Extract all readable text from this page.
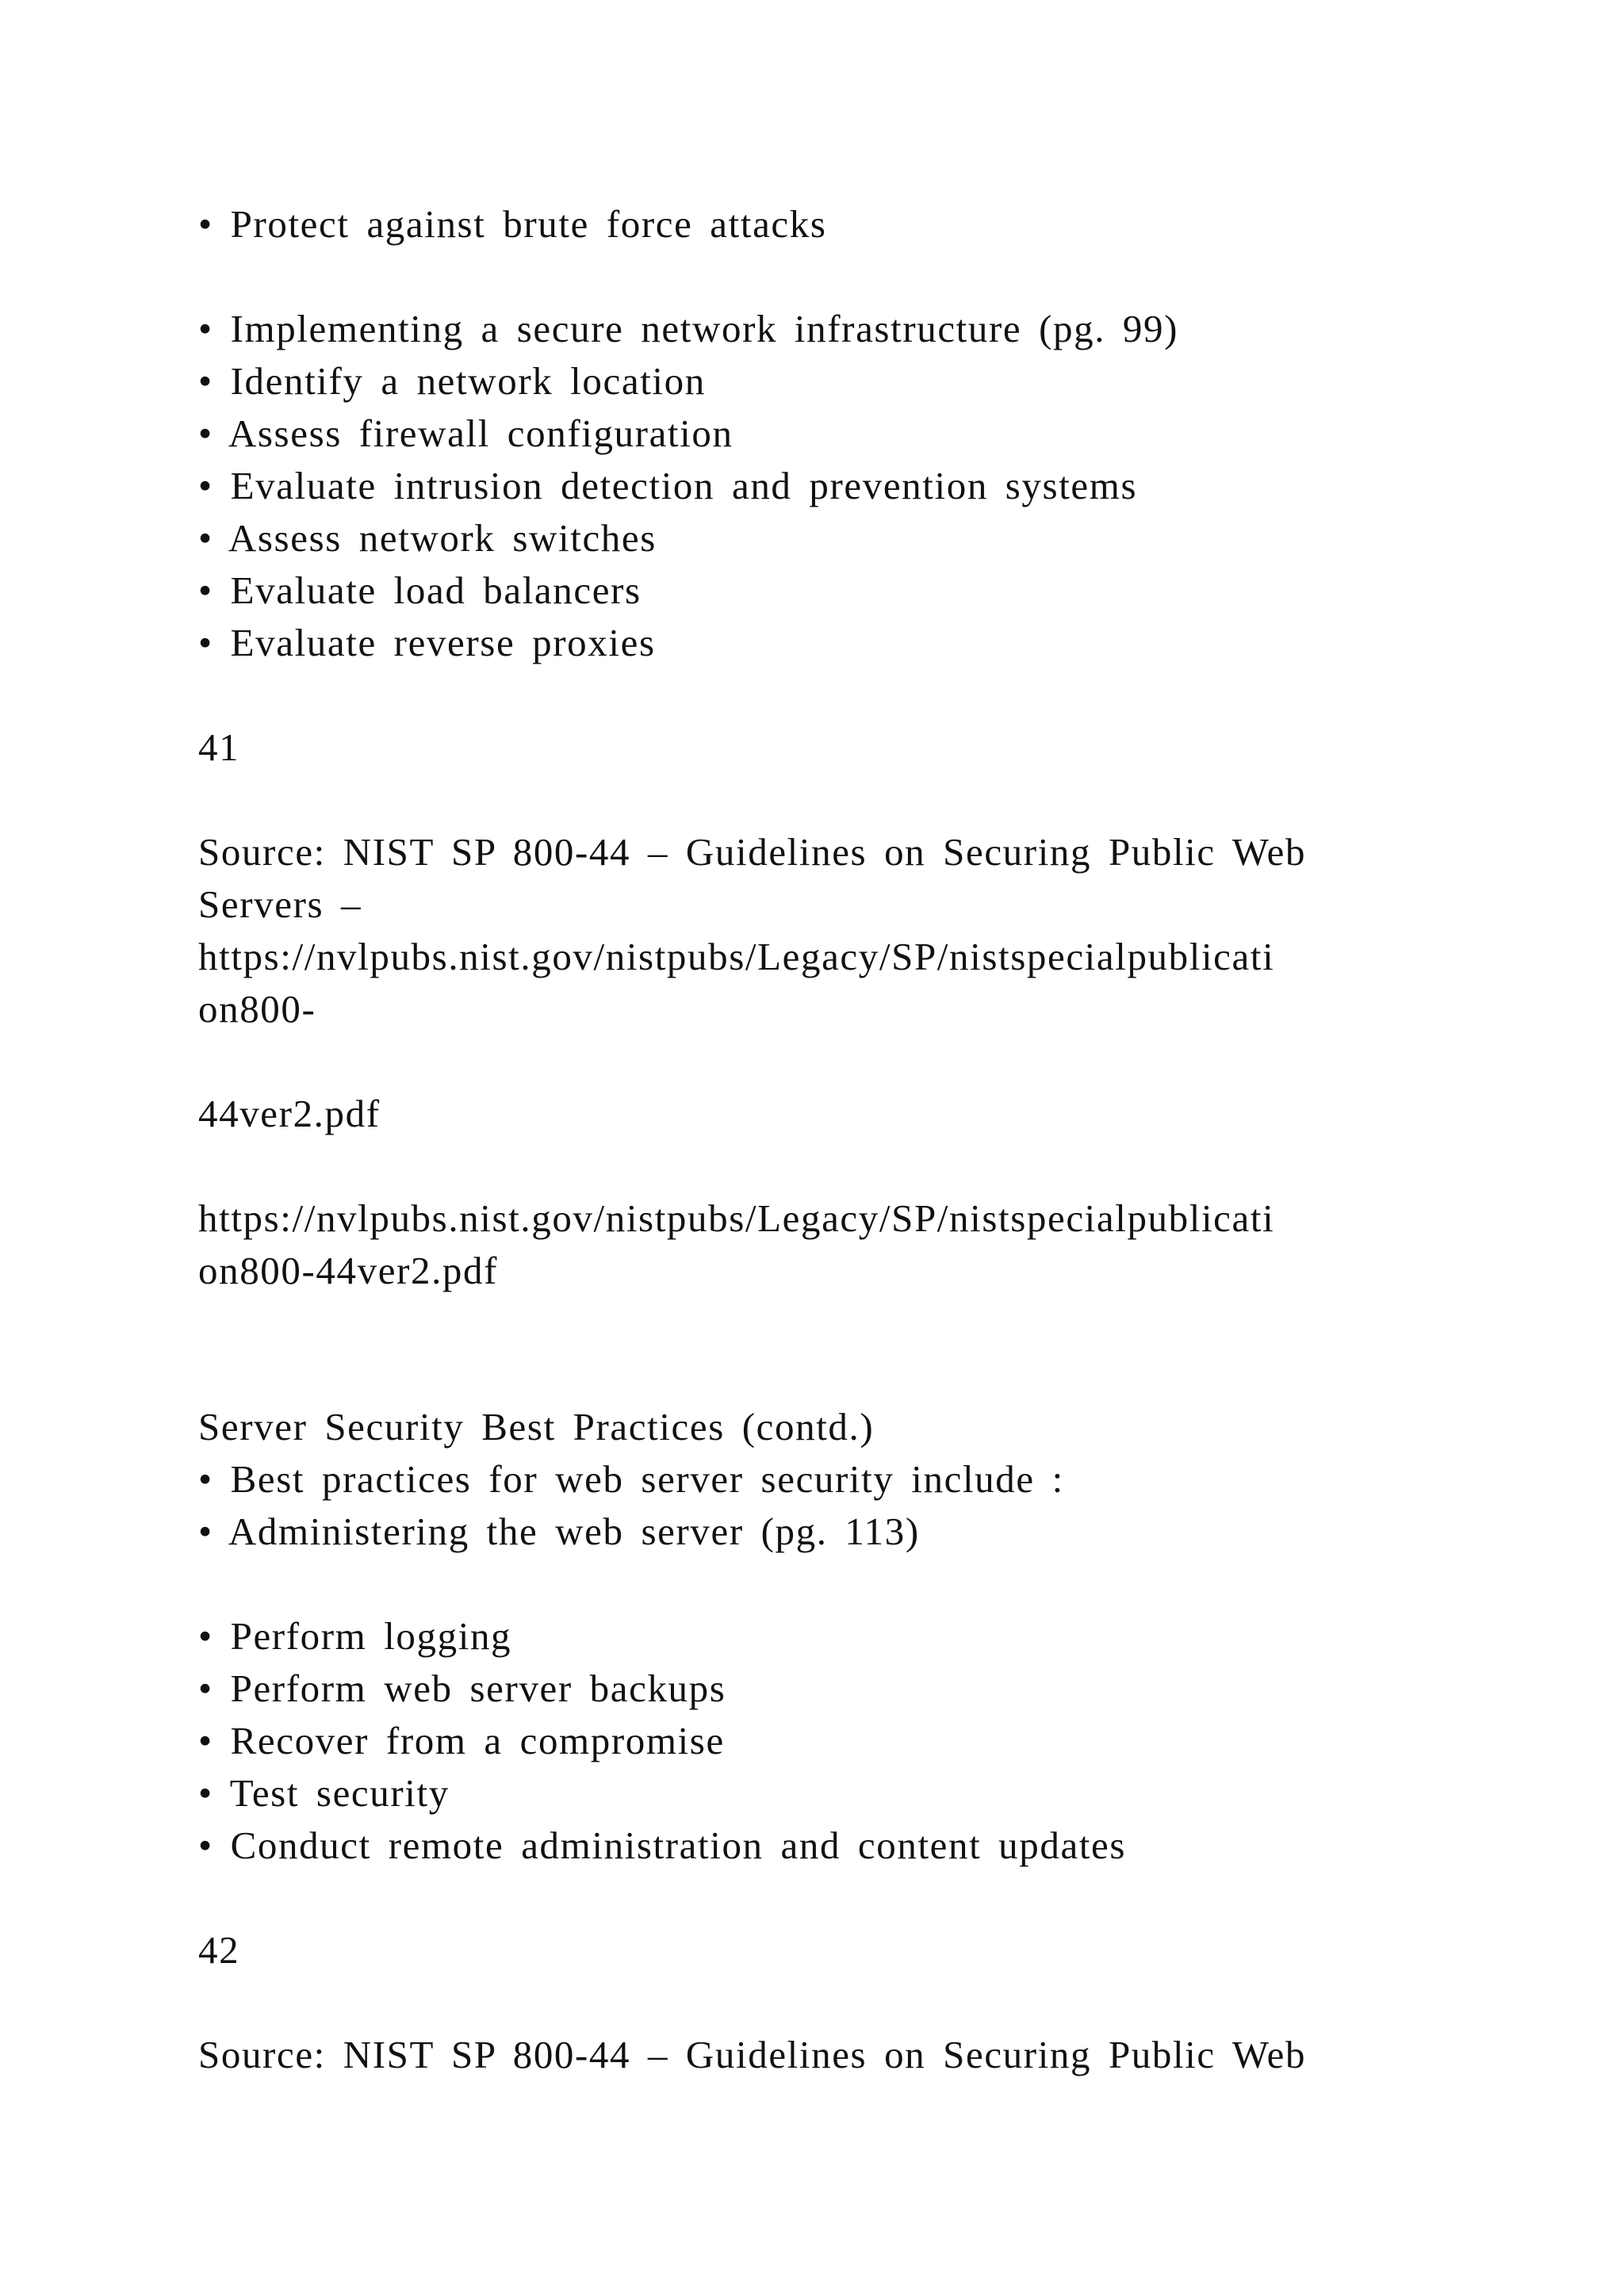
• Protect against brute force attacks
• Implementing a secure network infrastructure (pg. 99)
• Identify a network location
• Assess firewall configuration
• Evaluate intrusion detection and prevention systems
• Assess network switches
• Evaluate load balancers
• Evaluate reverse proxies
41
Source: NIST SP 800-44 – Guidelines on Securing Public Web
Servers –
https://nvlpubs.nist.gov/nistpubs/Legacy/SP/nistspecialpublicati
on800-
44ver2.pdf
https://nvlpubs.nist.gov/nistpubs/Legacy/SP/nistspecialpublicati
on800-44ver2.pdf
Server Security Best Practices (contd.)
• Best practices for web server security include :
• Administering the web server (pg. 113)
• Perform logging
• Perform web server backups
• Recover from a compromise
• Test security
• Conduct remote administration and content updates
42
Source: NIST SP 800-44 – Guidelines on Securing Public Web
